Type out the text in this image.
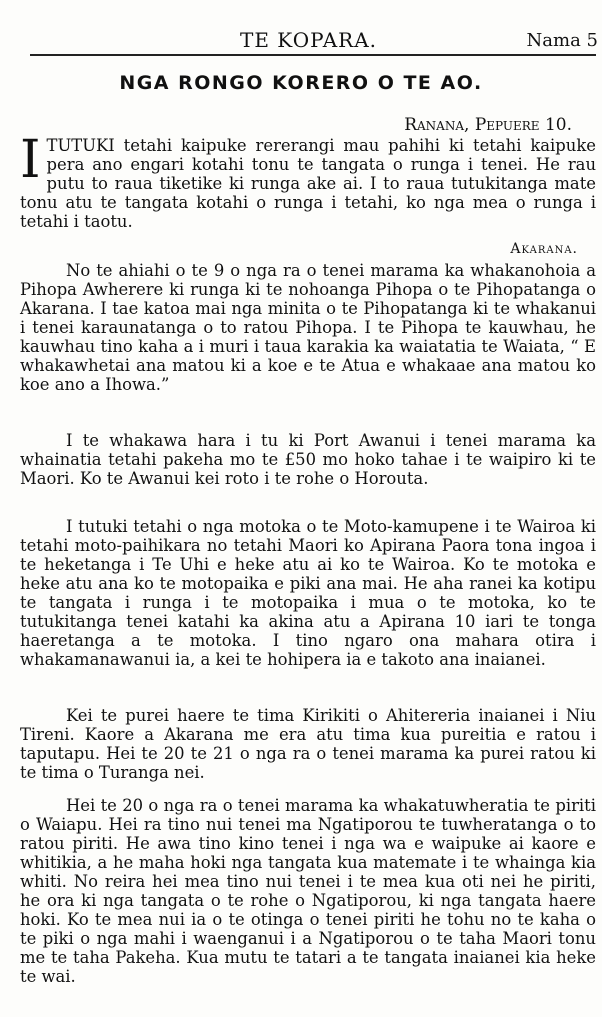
TE KOPARA.	Nama 5
NGA RONGO KORERO O TE AO.
Ranana, Pepuere 10.

ITUTUKI tetahi kaipuke rererangi mau pahihi ki tetahi kaipuke pera ano engari kotahi tonu te tangata o runga i tenei. He rau putu to raua tiketike ki runga ake ai. I to raua tutukitanga mate tonu atu te tangata kotahi o runga i tetahi, ko nga mea o runga i tetahi i taotu.

Akarana.

No te ahiahi o te 9 o nga ra o tenei marama ka whakanohoia a Pihopa Awherere ki runga ki te nohoanga Pihopa o te Pihopatanga o Akarana. I tae katoa mai nga minita o te Pihopatanga ki te whakanui i tenei karaunatanga o to ratou Pihopa. I te Pihopa te kauwhau, he kauwhau tino kaha a i muri i taua karakia ka waiatatia te Waiata, “ E whakawhetai ana matou ki a koe e te Atua e whakaae ana matou ko koe ano a Ihowa.”

I te whakawa hara i tu ki Port Awanui i tenei marama ka whainatia tetahi pakeha mo te £50 mo hoko tahae i te waipiro ki te Maori. Ko te Awanui kei roto i te rohe o Horouta.

I tutuki tetahi o nga motoka o te Moto-kamupene i te Wairoa ki tetahi moto-paihikara no tetahi Maori ko Apirana Paora tona ingoa i te heketanga i Te Uhi e heke atu ai ko te Wairoa. Ko te motoka e heke atu ana ko te motopaika e piki ana mai. He aha ranei ka kotipu te tangata i runga i te motopaika i mua o te motoka, ko te tutukitanga tenei katahi ka akina atu a Apirana 10 iari te tonga haeretanga a te motoka. I tino ngaro ona mahara otira i whakamanawanui ia, a kei te hohipera ia e takoto ana inaianei.

Kei te purei haere te tima Kirikiti o Ahitereria inaianei i Niu Tireni. Kaore a Akarana me era atu tima kua pureitia e ratou i taputapu. Hei te 20 te 21 o nga ra o tenei marama ka purei ratou ki te tima o Turanga nei.

Hei te 20 o nga ra o tenei marama ka whakatuwheratia te piriti o Waiapu. Hei ra tino nui tenei ma Ngatiporou te tuwheratanga o to ratou piriti. He awa tino kino tenei i nga wa e waipuke ai kaore e whitikia, a he maha hoki nga tangata kua matemate i te whainga kia whiti. No reira hei mea tino nui tenei i te mea kua oti nei he piriti, he ora ki nga tangata o te rohe o Ngatiporou, ki nga tangata haere hoki. Ko te mea nui ia o te otinga o tenei piriti he tohu no te kaha o te piki o nga mahi i waenganui i a Ngatiporou o te taha Maori tonu me te taha Pakeha. Kua mutu te tatari a te tangata inaianei kia heke te wai.
